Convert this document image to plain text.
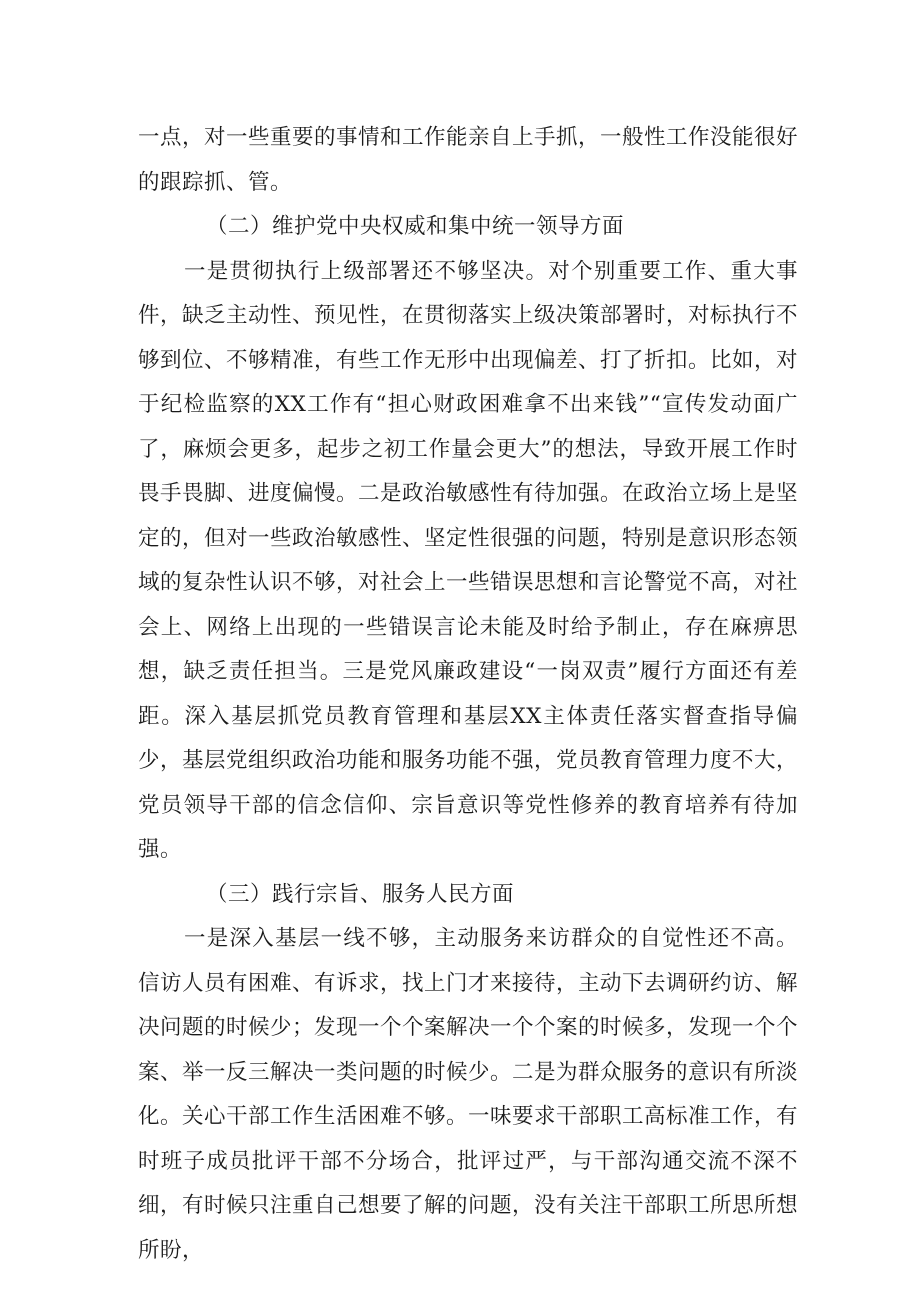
一点，对一些重要的事情和工作能亲自上手抓，一般性工作没能很好的跟踪抓、管。

（二）维护党中央权威和集中统一领导方面

一是贯彻执行上级部署还不够坚决。对个别重要工作、重大事件，缺乏主动性、预见性，在贯彻落实上级决策部署时，对标执行不够到位、不够精准，有些工作无形中出现偏差、打了折扣。比如，对于纪检监察的XX工作有“担心财政困难拿不出来钱”“宣传发动面广了，麻烦会更多，起步之初工作量会更大”的想法，导致开展工作时畏手畏脚、进度偏慢。二是政治敏感性有待加强。在政治立场上是坚定的，但对一些政治敏感性、坚定性很强的问题，特别是意识形态领域的复杂性认识不够，对社会上一些错误思想和言论警觉不高，对社会上、网络上出现的一些错误言论未能及时给予制止，存在麻痹思想，缺乏责任担当。三是党风廉政建设“一岗双责”履行方面还有差距。深入基层抓党员教育管理和基层XX主体责任落实督查指导偏少，基层党组织政治功能和服务功能不强，党员教育管理力度不大，党员领导干部的信念信仰、宗旨意识等党性修养的教育培养有待加强。

（三）践行宗旨、服务人民方面

一是深入基层一线不够，主动服务来访群众的自觉性还不高。信访人员有困难、有诉求，找上门才来接待，主动下去调研约访、解决问题的时候少；发现一个个案解决一个个案的时候多，发现一个个案、举一反三解决一类问题的时候少。二是为群众服务的意识有所淡化。关心干部工作生活困难不够。一味要求干部职工高标准工作，有时班子成员批评干部不分场合，批评过严，与干部沟通交流不深不细，有时候只注重自己想要了解的问题，没有关注干部职工所思所想所盼，
